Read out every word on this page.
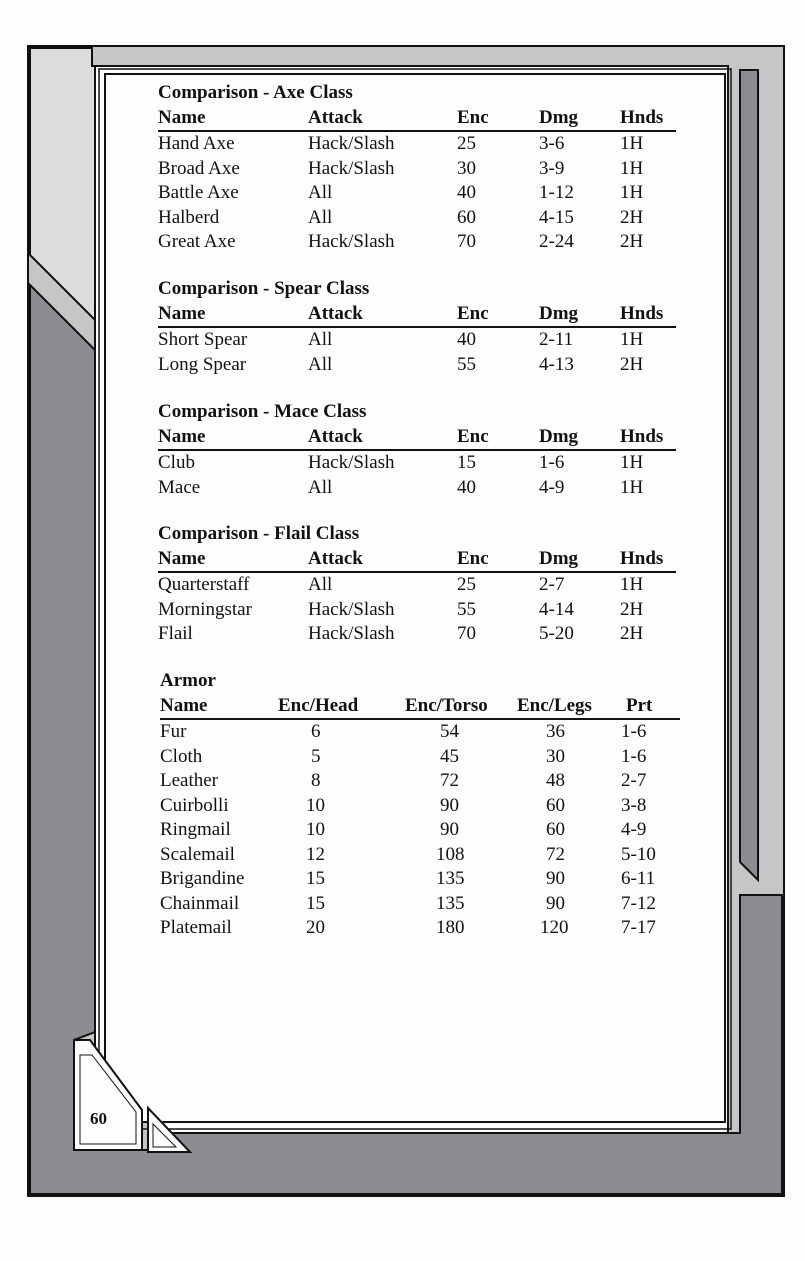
60
Comparison - Axe Class
Name	Attack	Enc	Dmg Hnds
Hand Axe	Hack/Slash	25	3-6	1H
Broad Axe	Hack/Slash	30	3-9	1H
Battle Axe	All	40	1-12 1H
Halberd	All	60	4-15 2H
Great Axe	Hack/Slash	70	2-24 2H
Comparison - Spear Class
Name	Attack	Enc	Dmg Hnds
Short Spear	All	40	2-11 1H
Long Spear	All	55	4-13 2H
Comparison - Mace Class
Name	Attack	Enc	Dmg Hnds
Club	Hack/Slash	15	1-6	1H
Mace	All	40	4-9	1H
Comparison - Flail Class
Name	Attack	Enc	Dmg Hnds
Quarterstaff	All	25	2-7	1H
Morningstar	Hack/Slash	55	4-14 2H
Flail	Hack/Slash	70	5-20 2H
Armor
Name	Enc/Head Enc/Torso Enc/Legs Prt
Fur	6	54	36	1-6
Cloth	5	45	30	1-6
Leather	8	72	48	2-7
Cuirbolli	10	90	60	3-8
Ringmail	10	90	60	4-9
Scalemail	12	108	72	5-10
Brigandine	15	135	90	6-11
Chainmail	15	135	90	7-12
Platemail	20	180	120	7-17
